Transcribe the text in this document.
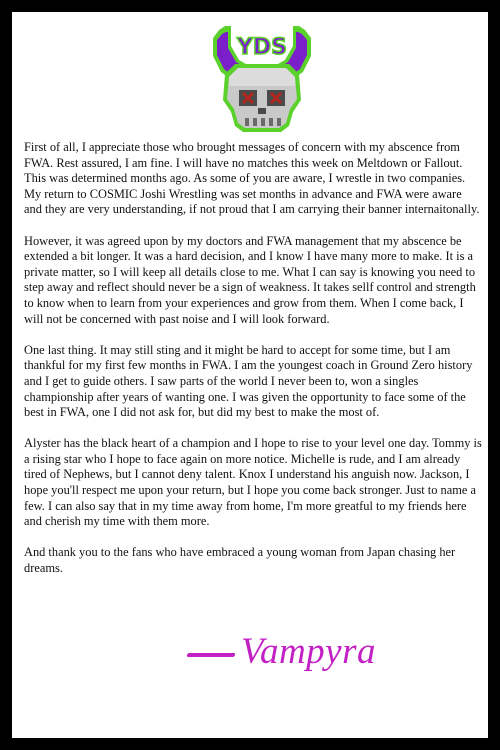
YDS

First of all, I appreciate those who brought messages of concern with my abscence from FWA. Rest assured, I am fine. I will have no matches this week on Meltdown or Fallout. This was determined months ago. As some of you are aware, I wrestle in two companies. My return to COSMIC Joshi Wrestling was set months in advance and FWA were aware and they are very understanding, if not proud that I am carrying their banner internaitonally.

However, it was agreed upon by my doctors and FWA management that my abscence be extended a bit longer. It was a hard decision, and I know I have many more to make. It is a private matter, so I will keep all details close to me. What I can say is knowing you need to step away and reflect should never be a sign of weakness. It takes sellf control and strength to know when to learn from your experiences and grow from them. When I come back, I will not be concerned with past noise and I will look forward.

One last thing. It may still sting and it might be hard to accept for some time, but I am thankful for my first few months in FWA. I am the youngest coach in Ground Zero history and I get to guide others. I saw parts of the world I never been to, won a singles championship after years of wanting one. I was given the opportunity to face some of the best in FWA, one I did not ask for, but did my best to make the most of.

Alyster has the black heart of a champion and I hope to rise to your level one day. Tommy is a rising star who I hope to face again on more notice. Michelle is rude, and I am already tired of Nephews, but I cannot deny talent. Knox I understand his anguish now. Jackson, I hope you'll respect me upon your return, but I hope you come back stronger. Just to name a few. I can also say that in my time away from home, I'm more greatful to my friends here and cherish my time with them more.

And thank you to the fans who have embraced a young woman from Japan chasing her dreams.

Vampyra
